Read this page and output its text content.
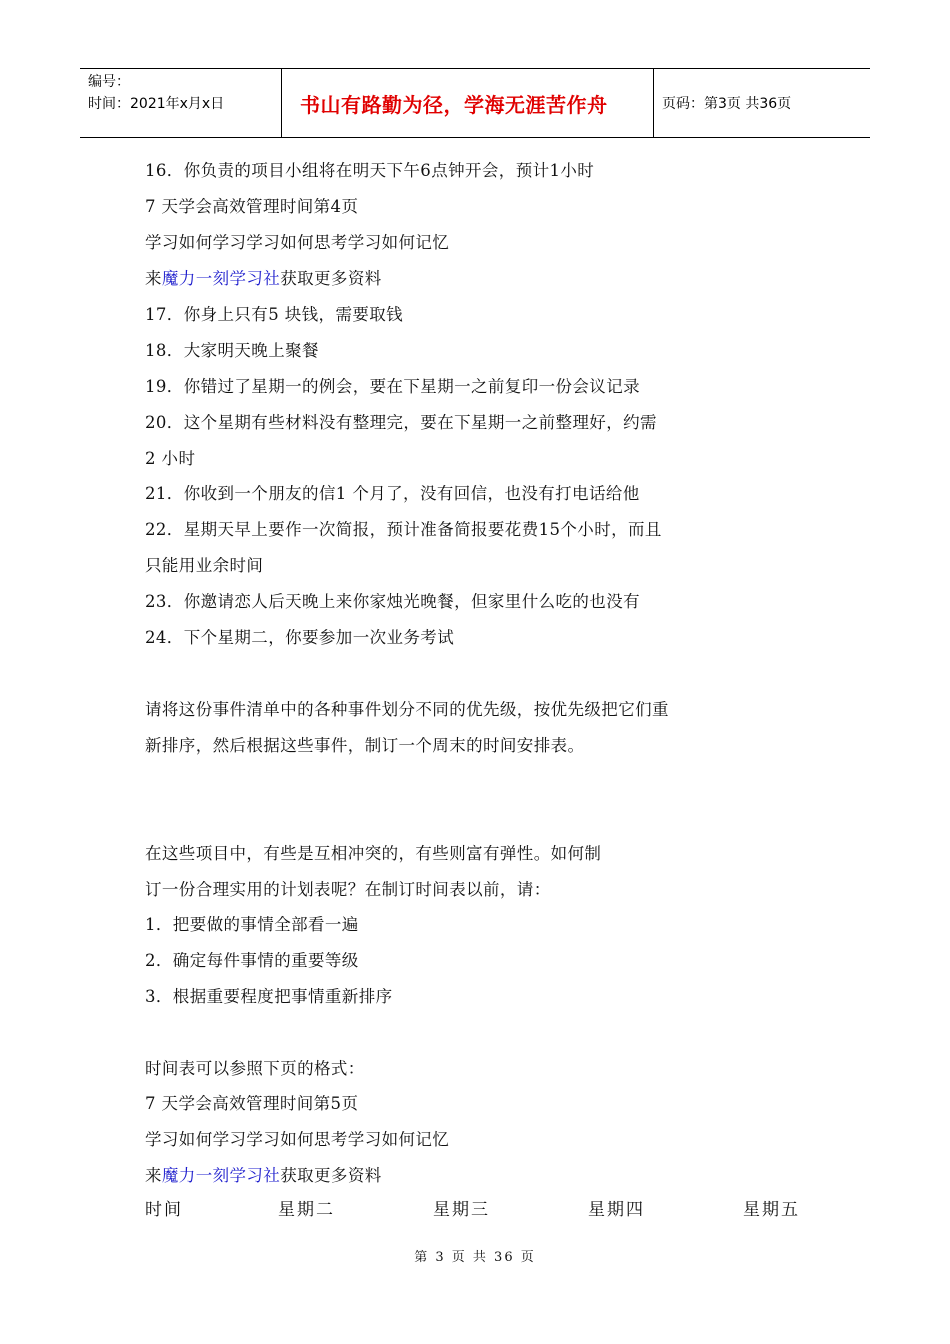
编号：
时间：2021年x月x日	书山有路勤为径，学海无涯苦作舟	页码：第3页 共36页
16．你负责的项目小组将在明天下午6点钟开会，预计1小时
7 天学会高效管理时间第4页
学习如何学习学习如何思考学习如何记忆
来魔力一刻学习社获取更多资料
17．你身上只有5 块钱，需要取钱
18．大家明天晚上聚餐
19．你错过了星期一的例会，要在下星期一之前复印一份会议记录
20．这个星期有些材料没有整理完，要在下星期一之前整理好，约需
2 小时
21．你收到一个朋友的信1 个月了，没有回信，也没有打电话给他
22．星期天早上要作一次简报，预计准备简报要花费15个小时，而且
只能用业余时间
23．你邀请恋人后天晚上来你家烛光晚餐，但家里什么吃的也没有
24．下个星期二，你要参加一次业务考试
请将这份事件清单中的各种事件划分不同的优先级，按优先级把它们重
新排序，然后根据这些事件，制订一个周末的时间安排表。
在这些项目中，有些是互相冲突的，有些则富有弹性。如何制
订一份合理实用的计划表呢？在制订时间表以前，请：
1．把要做的事情全部看一遍
2．确定每件事情的重要等级
3．根据重要程度把事情重新排序
时间表可以参照下页的格式：
7 天学会高效管理时间第5页
学习如何学习学习如何思考学习如何记忆
来魔力一刻学习社获取更多资料
时间	星期二	星期三	星期四	星期五
第 3 页 共 36 页
